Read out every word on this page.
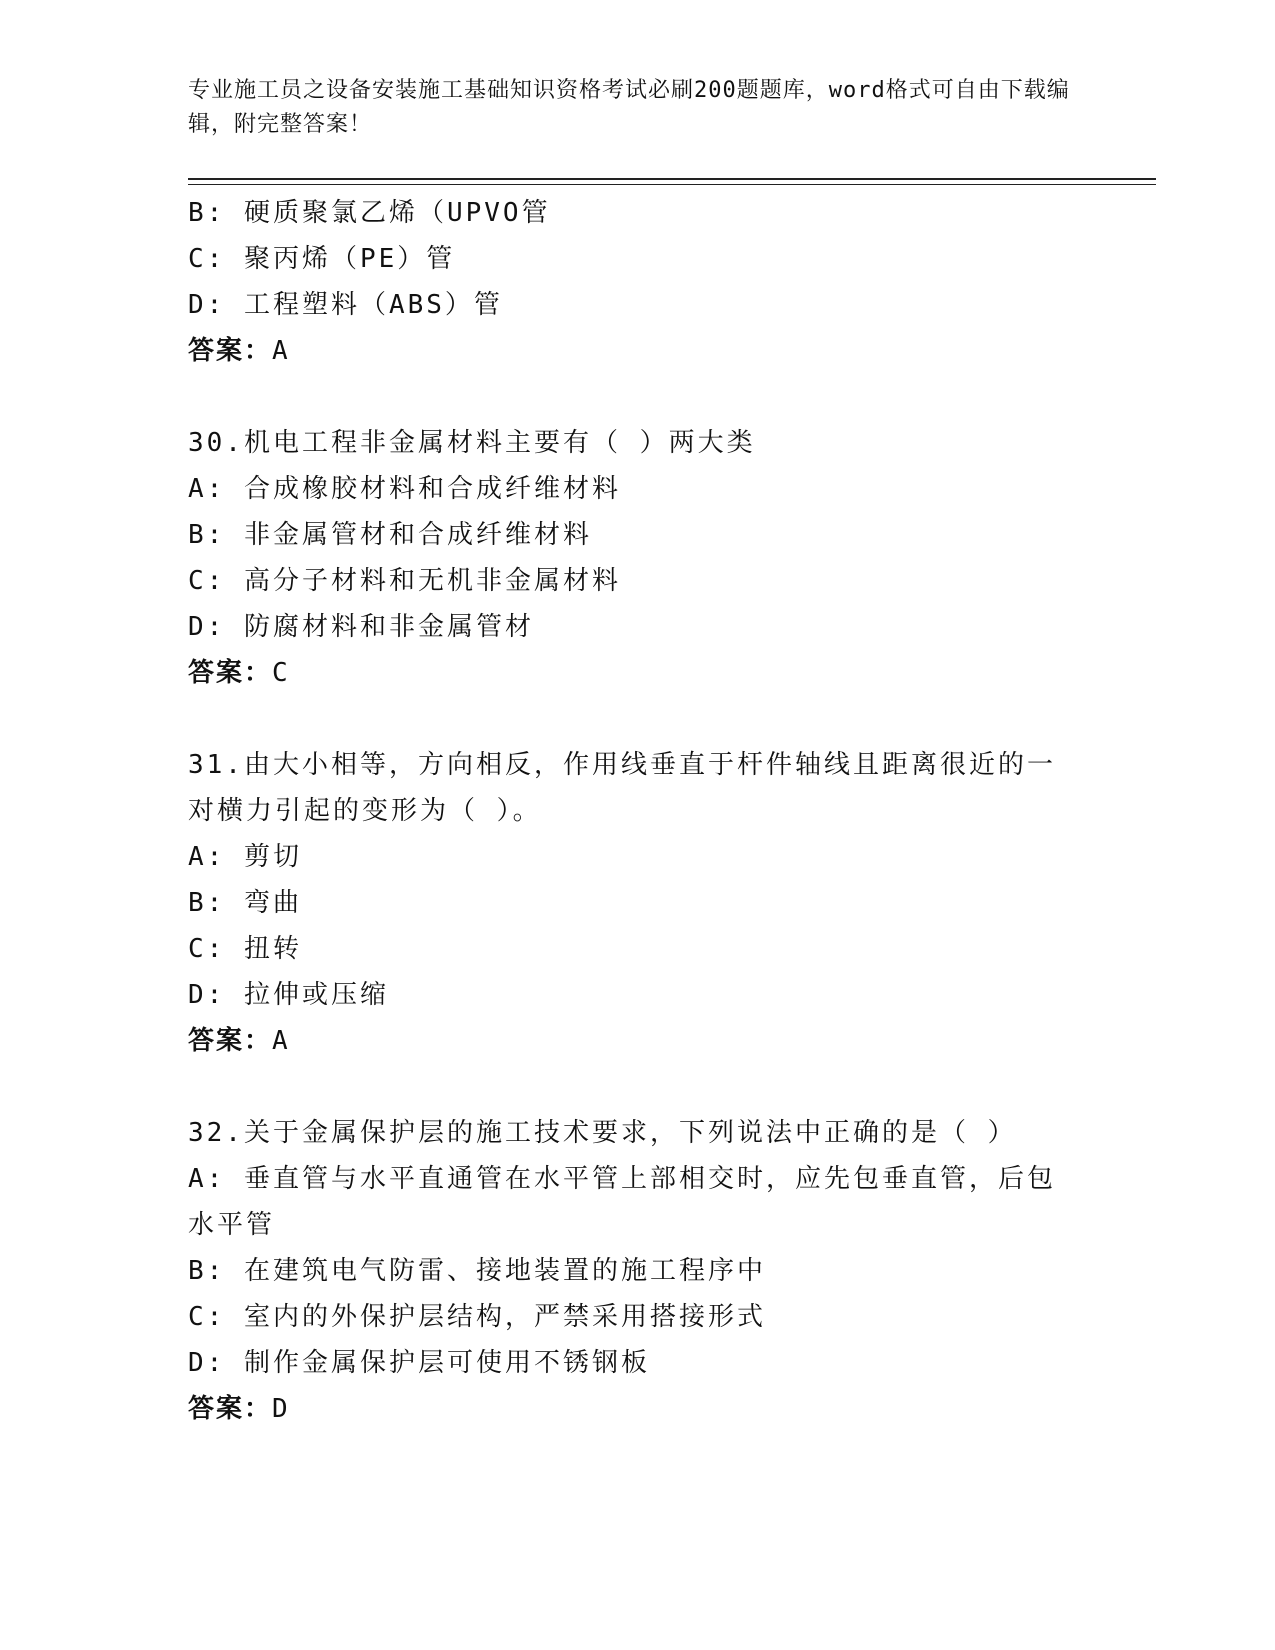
专业施工员之设备安装施工基础知识资格考试必刷200题题库，word格式可自由下载编辑，附完整答案！
B: 硬质聚氯乙烯（UPVO管
C: 聚丙烯（PE）管
D: 工程塑料（ABS）管
答案：A
30.机电工程非金属材料主要有（ ）两大类
A: 合成橡胶材料和合成纤维材料
B: 非金属管材和合成纤维材料
C: 高分子材料和无机非金属材料
D: 防腐材料和非金属管材
答案：C
31.由大小相等，方向相反，作用线垂直于杆件轴线且距离很近的一对横力引起的变形为（ ）。
A: 剪切
B: 弯曲
C: 扭转
D: 拉伸或压缩
答案：A
32.关于金属保护层的施工技术要求，下列说法中正确的是（ ）
A: 垂直管与水平直通管在水平管上部相交时，应先包垂直管，后包水平管
B: 在建筑电气防雷、接地装置的施工程序中
C: 室内的外保护层结构，严禁采用搭接形式
D: 制作金属保护层可使用不锈钢板
答案：D
